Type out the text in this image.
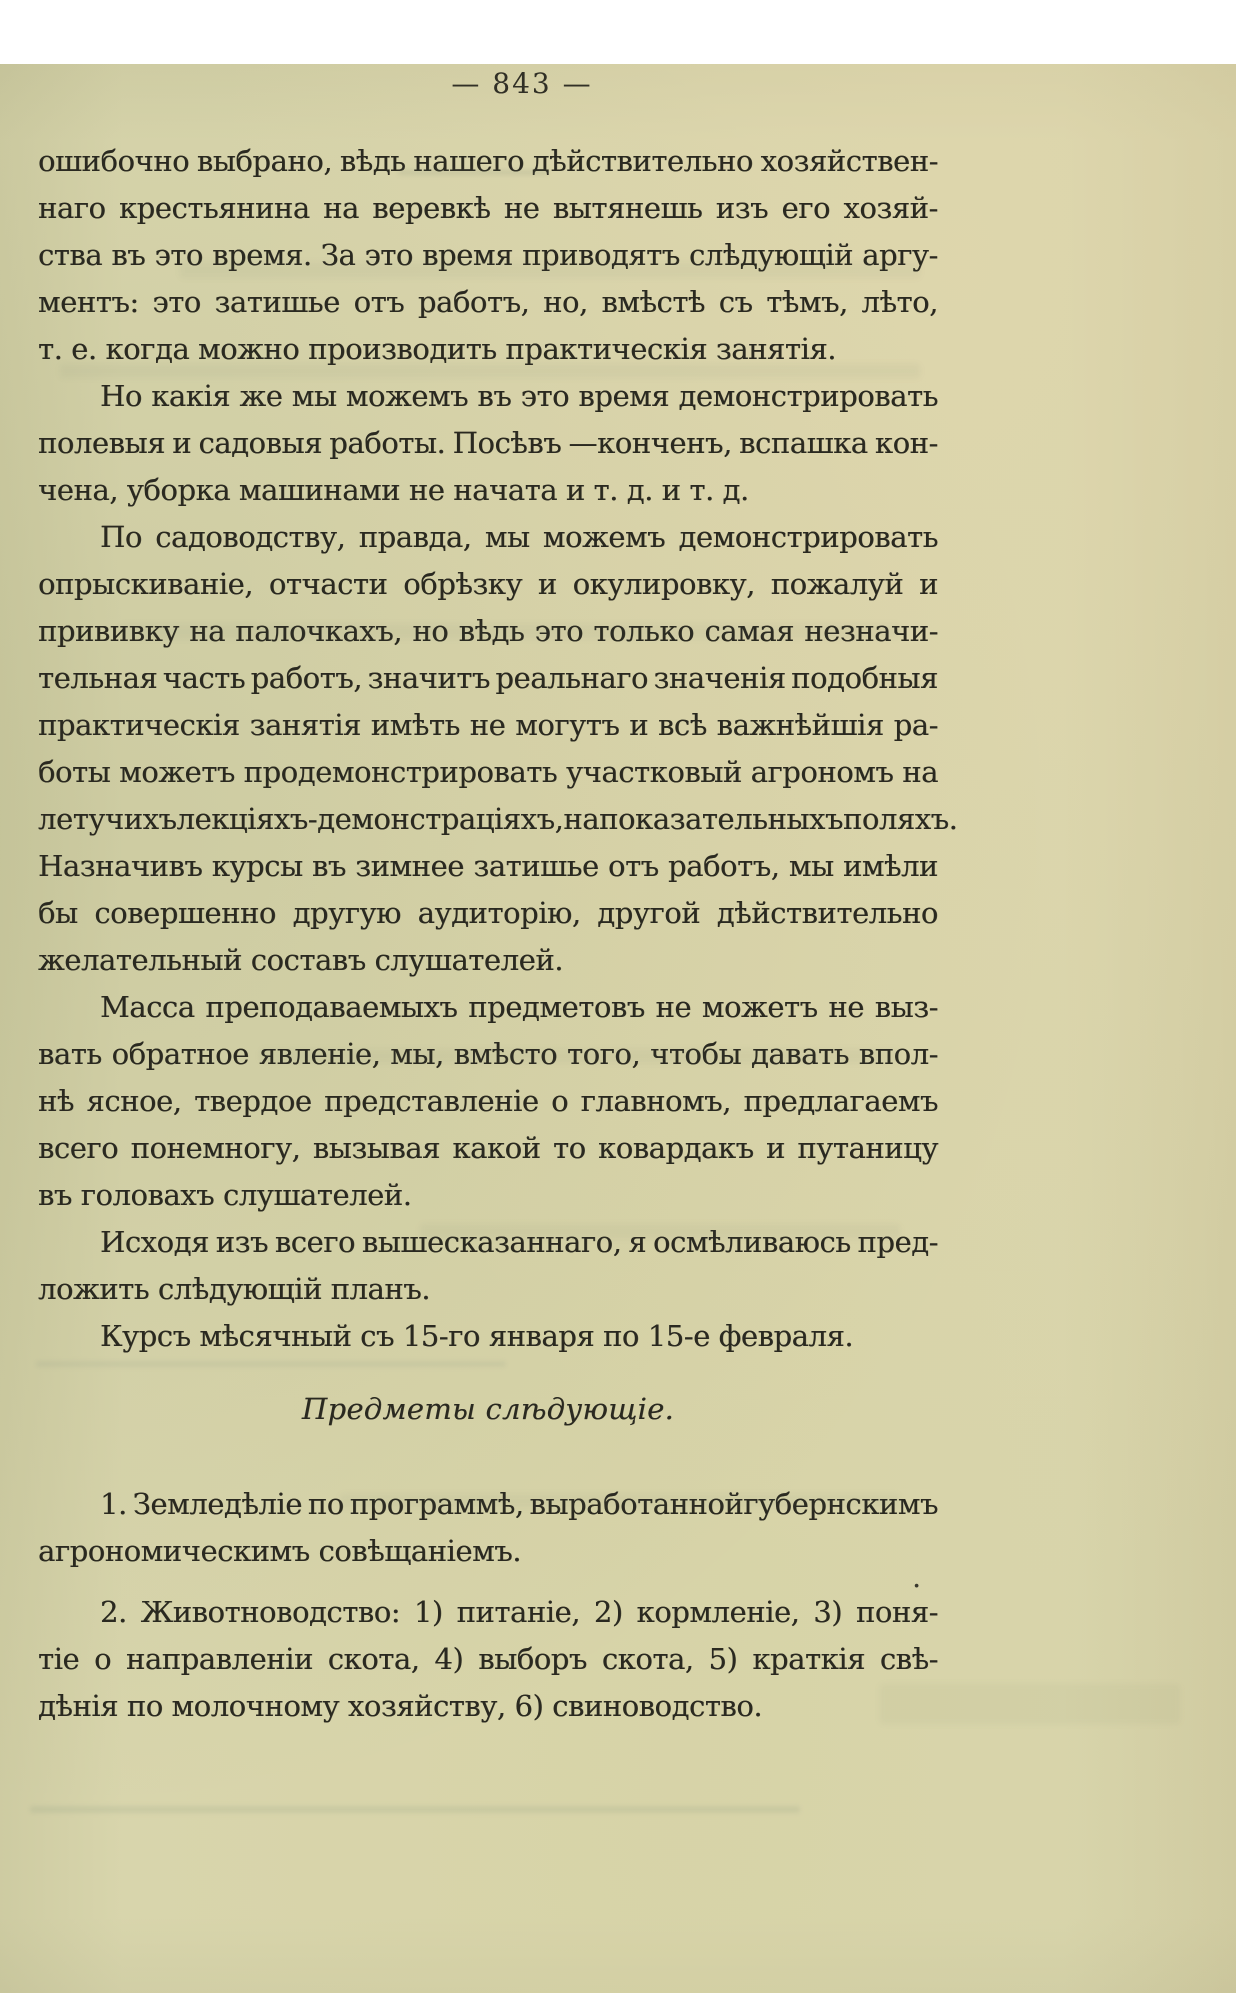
— 843 —
ошибочно выбрано, вѣдь нашего дѣйствительно хозяйствен-
наго крестьянина на веревкѣ не вытянешь изъ его хозяй-
ства въ это время. За это время приводятъ слѣдующій аргу-
ментъ: это затишье отъ работъ, но, вмѣстѣ съ тѣмъ, лѣто,
т. е. когда можно производить практическія занятія.
Но какія же мы можемъ въ это время демонстрировать
полевыя и садовыя работы. Посѣвъ —конченъ, вспашка кон-
чена, уборка машинами не начата и т. д. и т. д.
По садоводству, правда, мы можемъ демонстрировать
опрыскиваніе, отчасти обрѣзку и окулировку, пожалуй и
прививку на палочкахъ, но вѣдь это только самая незначи-
тельная часть работъ, значитъ реальнаго значенія подобныя
практическія занятія имѣть не могутъ и всѣ важнѣйшія ра-
боты можетъ продемонстрировать участковый агрономъ на
летучихъ лекціяхъ-демонстраціяхъ, на показательныхъ поляхъ.
Назначивъ курсы въ зимнее затишье отъ работъ, мы имѣли
бы совершенно другую аудиторію, другой дѣйствительно
желательный составъ слушателей.
Масса преподаваемыхъ предметовъ не можетъ не выз-
вать обратное явленіе, мы, вмѣсто того, чтобы давать впол-
нѣ ясное, твердое представленіе о главномъ, предлагаемъ
всего понемногу, вызывая какой то ковардакъ и путаницу
въ головахъ слушателей.
Исходя изъ всего вышесказаннаго, я осмѣливаюсь пред-
ложить слѣдующій планъ.
Курсъ мѣсячный съ 15-го января по 15-е февраля.
Предметы слѣдующіе.
1. Земледѣліе по программѣ, выработаннойгубернскимъ
агрономическимъ совѣщаніемъ.
2. Животноводство: 1) питаніе, 2) кормленіе, 3) поня-
тіе о направленіи скота, 4) выборъ скота, 5) краткія свѣ-
дѣнія по молочному хозяйству, 6) свиноводство.
.
